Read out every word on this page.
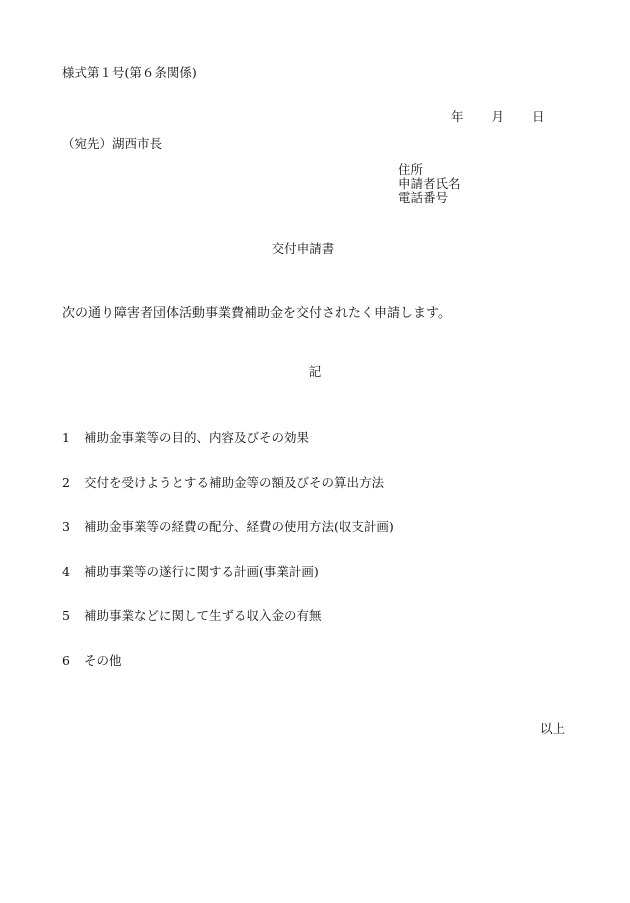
様式第１号(第６条関係)
年 月 日
（宛先）湖西市長
住所
申請者氏名
電話番号
交付申請書
次の通り障害者団体活動事業費補助金を交付されたく申請します。
記
1 補助金事業等の目的、内容及びその効果
2 交付を受けようとする補助金等の額及びその算出方法
3 補助金事業等の経費の配分、経費の使用方法(収支計画)
4 補助事業等の遂行に関する計画(事業計画)
5 補助事業などに関して生ずる収入金の有無
6 その他
以上
